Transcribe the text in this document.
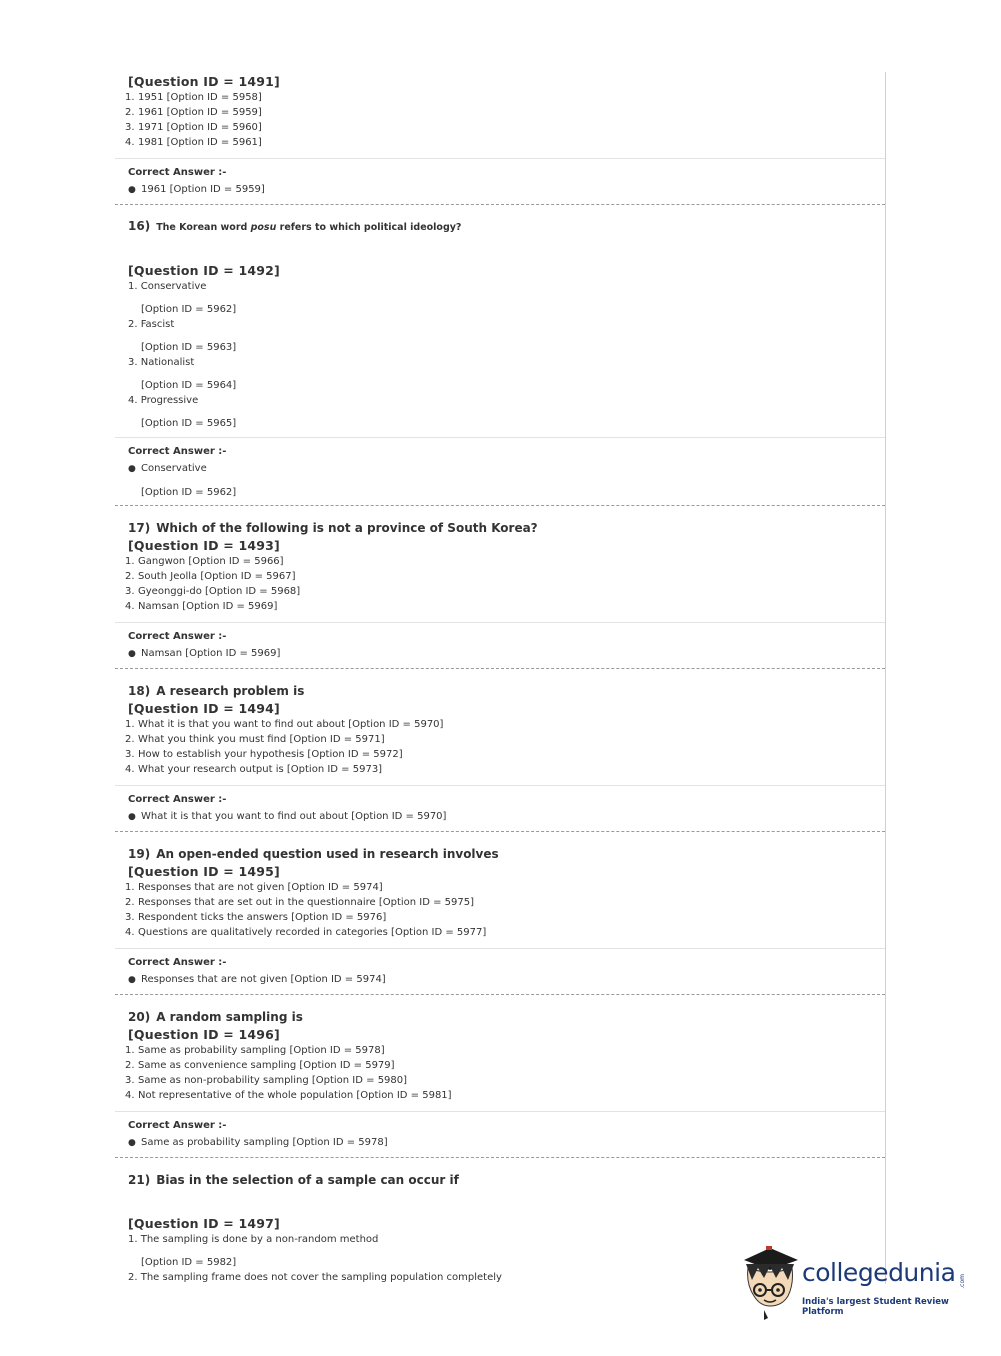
[Question ID = 1491]
1. 1951 [Option ID = 5958]
2. 1961 [Option ID = 5959]
3. 1971 [Option ID = 5960]
4. 1981 [Option ID = 5961]
Correct Answer :-
● 1961 [Option ID = 5959]
16) The Korean word posu refers to which political ideology?
[Question ID = 1492]
1. Conservative
[Option ID = 5962]
2. Fascist
[Option ID = 5963]
3. Nationalist
[Option ID = 5964]
4. Progressive
[Option ID = 5965]
Correct Answer :-
● Conservative
[Option ID = 5962]
17) Which of the following is not a province of South Korea?
[Question ID = 1493]
1. Gangwon [Option ID = 5966]
2. South Jeolla [Option ID = 5967]
3. Gyeonggi-do [Option ID = 5968]
4. Namsan [Option ID = 5969]
Correct Answer :-
● Namsan [Option ID = 5969]
18) A research problem is
[Question ID = 1494]
1. What it is that you want to find out about [Option ID = 5970]
2. What you think you must find [Option ID = 5971]
3. How to establish your hypothesis [Option ID = 5972]
4. What your research output is [Option ID = 5973]
Correct Answer :-
● What it is that you want to find out about [Option ID = 5970]
19) An open-ended question used in research involves
[Question ID = 1495]
1. Responses that are not given [Option ID = 5974]
2. Responses that are set out in the questionnaire [Option ID = 5975]
3. Respondent ticks the answers [Option ID = 5976]
4. Questions are qualitatively recorded in categories [Option ID = 5977]
Correct Answer :-
● Responses that are not given [Option ID = 5974]
20) A random sampling is
[Question ID = 1496]
1. Same as probability sampling [Option ID = 5978]
2. Same as convenience sampling [Option ID = 5979]
3. Same as non-probability sampling [Option ID = 5980]
4. Not representative of the whole population [Option ID = 5981]
Correct Answer :-
● Same as probability sampling [Option ID = 5978]
21) Bias in the selection of a sample can occur if
[Question ID = 1497]
1. The sampling is done by a non-random method
[Option ID = 5982]
2. The sampling frame does not cover the sampling population completely	collegedunia .com
India's largest Student Review Platform
